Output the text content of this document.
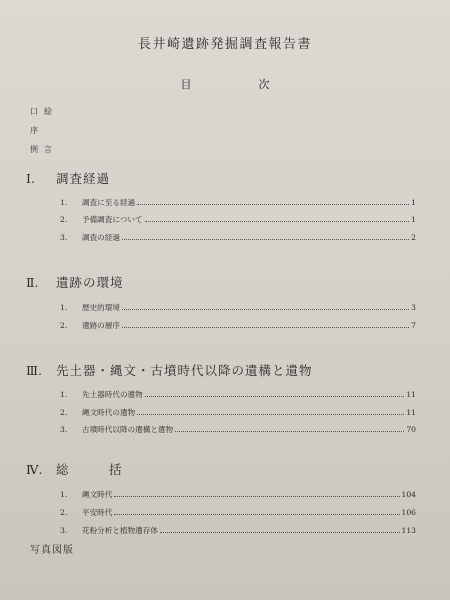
長井崎遺跡発掘調査報告書
目　次
口絵
序
例言
Ⅰ. 調査経過
1.	調査に至る経過	1
2.	予備調査について	1
3.	調査の経過	2
Ⅱ. 遺跡の環境
1.	歴史的環境	3
2.	遺跡の層序	7
Ⅲ. 先土器・縄文・古墳時代以降の遺構と遺物
1.	先土器時代の遺物	11
2.	縄文時代の遺物	11
3.	古墳時代以降の遺構と遺物	70
Ⅳ. 総　括
1.	縄文時代	104
2.	平安時代	106
3.	花粉分析と植物遺存体	113
写真図版
